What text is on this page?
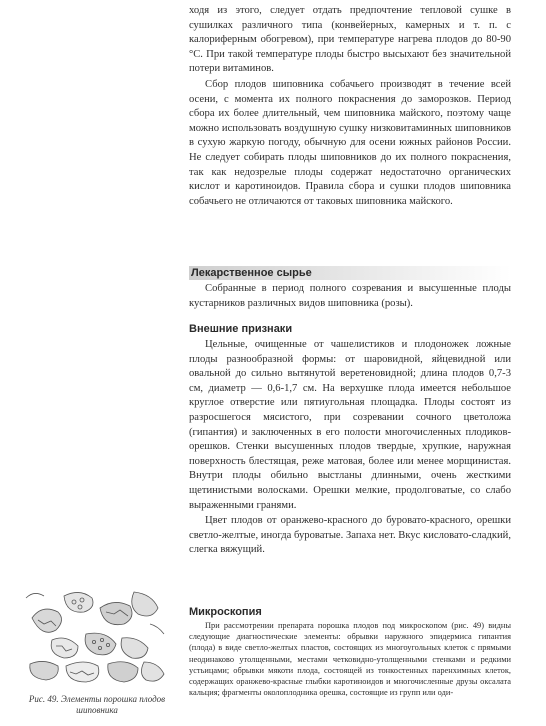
ходя из этого, следует отдать предпочтение тепловой сушке в сушилках различного типа (конвейерных, камерных и т. п. с калориферным обогревом), при температуре нагрева плодов до 80-90 °С. При такой температуре плоды быстро высыхают без значительной потери витаминов.

Сбор плодов шиповника собачьего производят в течение всей осени, с момента их полного покраснения до заморозков. Период сбора их более длительный, чем шиповника майского, поэтому чаще можно использовать воздушную сушку низковитаминных шиповников в сухую жаркую погоду, обычную для осени южных районов России. Не следует собирать плоды шиповников до их полного покраснения, так как недозрелые плоды содержат недостаточно органических кислот и каротиноидов. Правила сбора и сушки плодов шиповника собачьего не отличаются от таковых шиповника майского.

Лекарственное сырье

Собранные в период полного созревания и высушенные плоды кустарников различных видов шиповника (розы).

Внешние признаки

Цельные, очищенные от чашелистиков и плодоножек ложные плоды разнообразной формы: от шаровидной, яйцевидной или овальной до сильно вытянутой веретеновидной; длина плодов 0,7-3 см, диаметр — 0,6-1,7 см. На верхушке плода имеется небольшое круглое отверстие или пятиугольная площадка. Плоды состоят из разросшегося мясистого, при созревании сочного цветоложа (гипантия) и заключенных в его полости многочисленных плодиков-орешков. Стенки высушенных плодов твердые, хрупкие, наружная поверхность блестящая, реже матовая, более или менее морщинистая. Внутри плоды обильно выстланы длинными, очень жесткими щетинистыми волосками. Орешки мелкие, продолговатые, со слабо выраженными гранями.

Цвет плодов от оранжево-красного до буровато-красного, орешки светло-желтые, иногда буроватые. Запаха нет. Вкус кисловато-сладкий, слегка вяжущий.

Микроскопия

При рассмотрении препарата порошка плодов под микроскопом (рис. 49) видны следующие диагностические элементы: обрывки наружного эпидермиса гипантия (плода) в виде светло-желтых пластов, состоящих из многоугольных клеток с прямыми неодинаково утолщенными, местами четковидно-утолщенными стенками и редкими устьицами; обрывки мякоти плода, состоящей из тонкостенных паренхимных клеток, содержащих оранжево-красные глыбки каротиноидов и многочисленные друзы оксалата кальция; фрагменты околоплодника орешка, состоящие из групп или оди-

Рис. 49. Элементы порошка плодов шиповника
